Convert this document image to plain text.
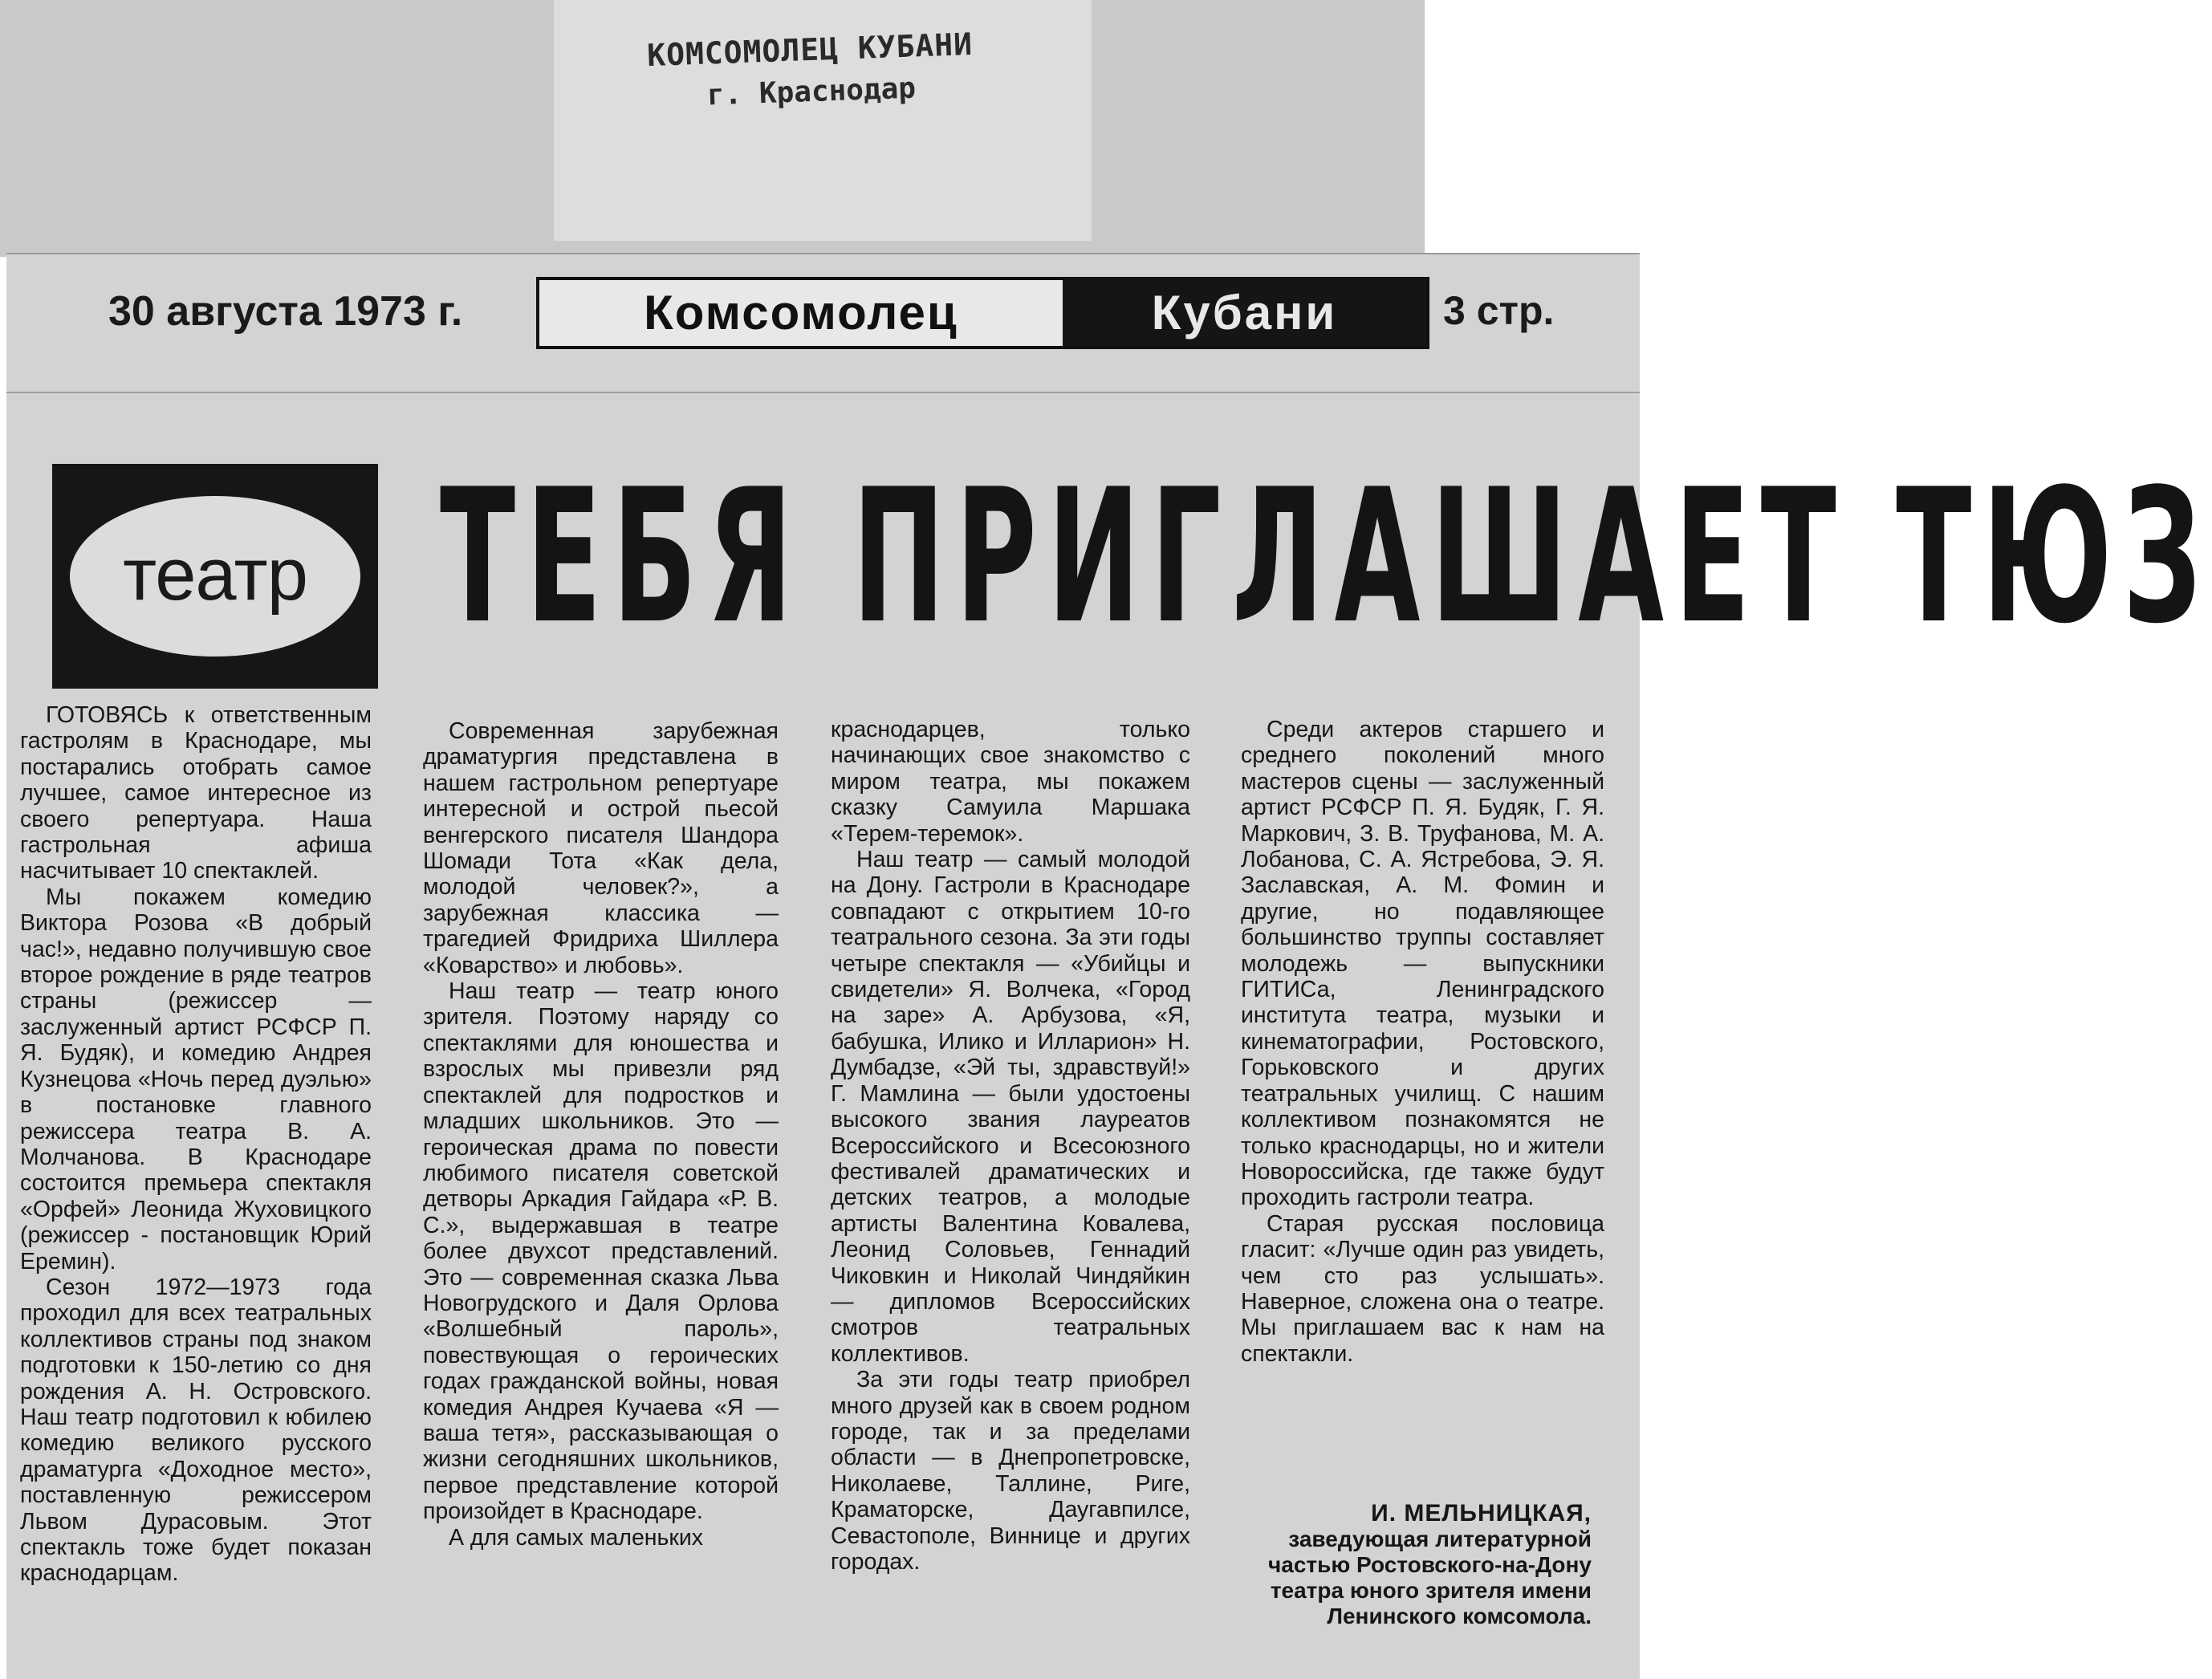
КОМСОМОЛЕЦ КУБАНИ
г. Краснодар
30 августа 1973 г.	Комсомолец	Кубани	3 стр.
театр ТЕБЯ ПРИГЛАШАЕТ ТЮЗ

ГОТОВЯСЬ к ответственным гастролям в Краснодаре, мы постарались отобрать самое лучшее, самое интересное из своего репертуара. Наша гастрольная афиша насчитывает 10 спектаклей.

Мы покажем комедию Виктора Розова «В добрый час!», недавно получившую свое второе рождение в ряде театров страны (режиссер — заслуженный артист РСФСР П. Я. Будяк), и комедию Андрея Кузнецова «Ночь перед дуэлью» в постановке главного режиссера театра В. А. Молчанова. В Краснодаре состоится премьера спектакля «Орфей» Леонида Жуховицкого (режиссер - постановщик Юрий Еремин).

Сезон 1972—1973 года проходил для всех театральных коллективов страны под знаком подготовки к 150-летию со дня рождения А. Н. Островского. Наш театр подготовил к юбилею комедию великого русского драматурга «Доходное место», поставленную режиссером Львом Дурасовым. Этот спектакль тоже будет показан краснодарцам.

Современная зарубежная драматургия представлена в нашем гастрольном репертуаре интересной и острой пьесой венгерского писателя Шандора Шомади Тота «Как дела, молодой человек?», а зарубежная классика — трагедией Фридриха Шиллера «Коварство» и любовь».

Наш театр — театр юного зрителя. Поэтому наряду со спектаклями для юношества и взрослых мы привезли ряд спектаклей для подростков и младших школьников. Это — героическая драма по повести любимого писателя советской детворы Аркадия Гайдара «Р. В. С.», выдержавшая в театре более двухсот представлений. Это — современная сказка Льва Новогрудского и Даля Орлова «Волшебный пароль», повествующая о героических годах гражданской войны, новая комедия Андрея Кучаева «Я — ваша тетя», рассказывающая о жизни сегодняшних школьников, первое представление которой произойдет в Краснодаре.

А для самых маленьких

краснодарцев, только начинающих свое знакомство с миром театра, мы покажем сказку Самуила Маршака «Терем-теремок».

Наш театр — самый молодой на Дону. Гастроли в Краснодаре совпадают с открытием 10-го театрального сезона. За эти годы четыре спектакля — «Убийцы и свидетели» Я. Волчека, «Город на заре» А. Арбузова, «Я, бабушка, Илико и Илларион» Н. Думбадзе, «Эй ты, здравствуй!» Г. Мамлина — были удостоены высокого звания лауреатов Всероссийского и Всесоюзного фестивалей драматических и детских театров, а молодые артисты Валентина Ковалева, Леонид Соловьев, Геннадий Чиковкин и Николай Чиндяйкин — дипломов Всероссийских смотров театральных коллективов.

За эти годы театр приобрел много друзей как в своем родном городе, так и за пределами области — в Днепропетровске, Николаеве, Таллине, Риге, Краматорске, Даугавпилсе, Севастополе, Виннице и других городах.

Среди актеров старшего и среднего поколений много мастеров сцены — заслуженный артист РСФСР П. Я. Будяк, Г. Я. Маркович, З. В. Труфанова, М. А. Лобанова, С. А. Ястребова, Э. Я. Заславская, А. М. Фомин и другие, но подавляющее большинство труппы составляет молодежь — выпускники ГИТИСа, Ленинградского института театра, музыки и кинематографии, Ростовского, Горьковского и других театральных училищ. С нашим коллективом познакомятся не только краснодарцы, но и жители Новороссийска, где также будут проходить гастроли театра.

Старая русская пословица гласит: «Лучше один раз увидеть, чем сто раз услышать». Наверное, сложена она о театре. Мы приглашаем вас к нам на спектакли.

И. МЕЛЬНИЦКАЯ,
заведующая литературной частью Ростовского-на-Дону театра юного зрителя имени Ленинского комсомола.
